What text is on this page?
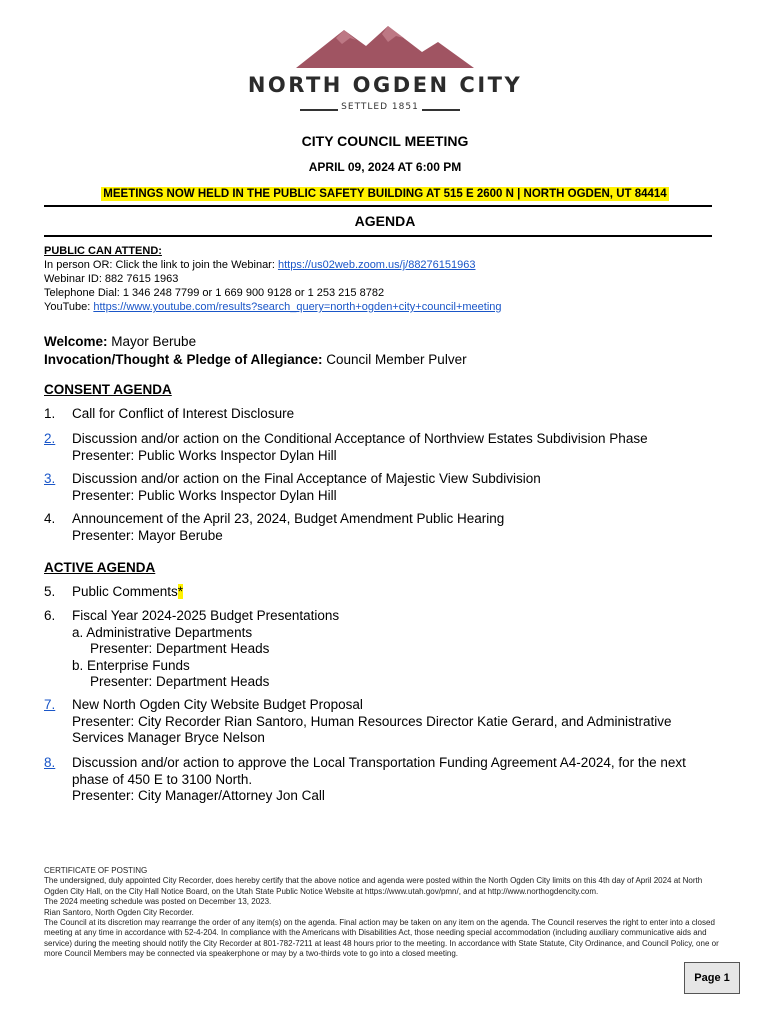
NORTH OGDEN CITY
SETTLED 1851
CITY COUNCIL MEETING
APRIL 09, 2024 AT 6:00 PM
MEETINGS NOW HELD IN THE PUBLIC SAFETY BUILDING AT 515 E 2600 N | NORTH OGDEN, UT 84414
AGENDA
PUBLIC CAN ATTEND:
In person OR: Click the link to join the Webinar: https://us02web.zoom.us/j/88276151963
Webinar ID: 882 7615 1963
Telephone Dial: 1 346 248 7799 or 1 669 900 9128 or 1 253 215 8782
YouTube: https://www.youtube.com/results?search_query=north+ogden+city+council+meeting
Welcome: Mayor Berube
Invocation/Thought & Pledge of Allegiance: Council Member Pulver
CONSENT AGENDA
1. Call for Conflict of Interest Disclosure
2. Discussion and/or action on the Conditional Acceptance of Northview Estates Subdivision Phase
Presenter: Public Works Inspector Dylan Hill
3. Discussion and/or action on the Final Acceptance of Majestic View Subdivision
Presenter: Public Works Inspector Dylan Hill
4. Announcement of the April 23, 2024, Budget Amendment Public Hearing
Presenter: Mayor Berube
ACTIVE AGENDA
5. Public Comments*
6. Fiscal Year 2024-2025 Budget Presentations
a. Administrative Departments
Presenter: Department Heads
b. Enterprise Funds
Presenter: Department Heads
7. New North Ogden City Website Budget Proposal
Presenter: City Recorder Rian Santoro, Human Resources Director Katie Gerard, and Administrative
Services Manager Bryce Nelson
8. Discussion and/or action to approve the Local Transportation Funding Agreement A4-2024, for the next
phase of 450 E to 3100 North.
Presenter: City Manager/Attorney Jon Call
CERTIFICATE OF POSTING
The undersigned, duly appointed City Recorder, does hereby certify that the above notice and agenda were posted within the North Ogden City limits on this 4th day of April 2024 at North Ogden City Hall, on the City Hall Notice Board, on the Utah State Public Notice Website at https://www.utah.gov/pmn/, and at http://www.northogdencity.com.
The 2024 meeting schedule was posted on December 13, 2023.
Rian Santoro, North Ogden City Recorder.
The Council at its discretion may rearrange the order of any item(s) on the agenda. Final action may be taken on any item on the agenda. The Council reserves the right to enter into a closed meeting at any time in accordance with 52-4-204. In compliance with the Americans with Disabilities Act, those needing special accommodation (including auxiliary communicative aids and service) during the meeting should notify the City Recorder at 801-782-7211 at least 48 hours prior to the meeting. In accordance with State Statute, City Ordinance, and Council Policy, one or more Council Members may be connected via speakerphone or may by a two-thirds vote to go into a closed meeting.
Page 1
